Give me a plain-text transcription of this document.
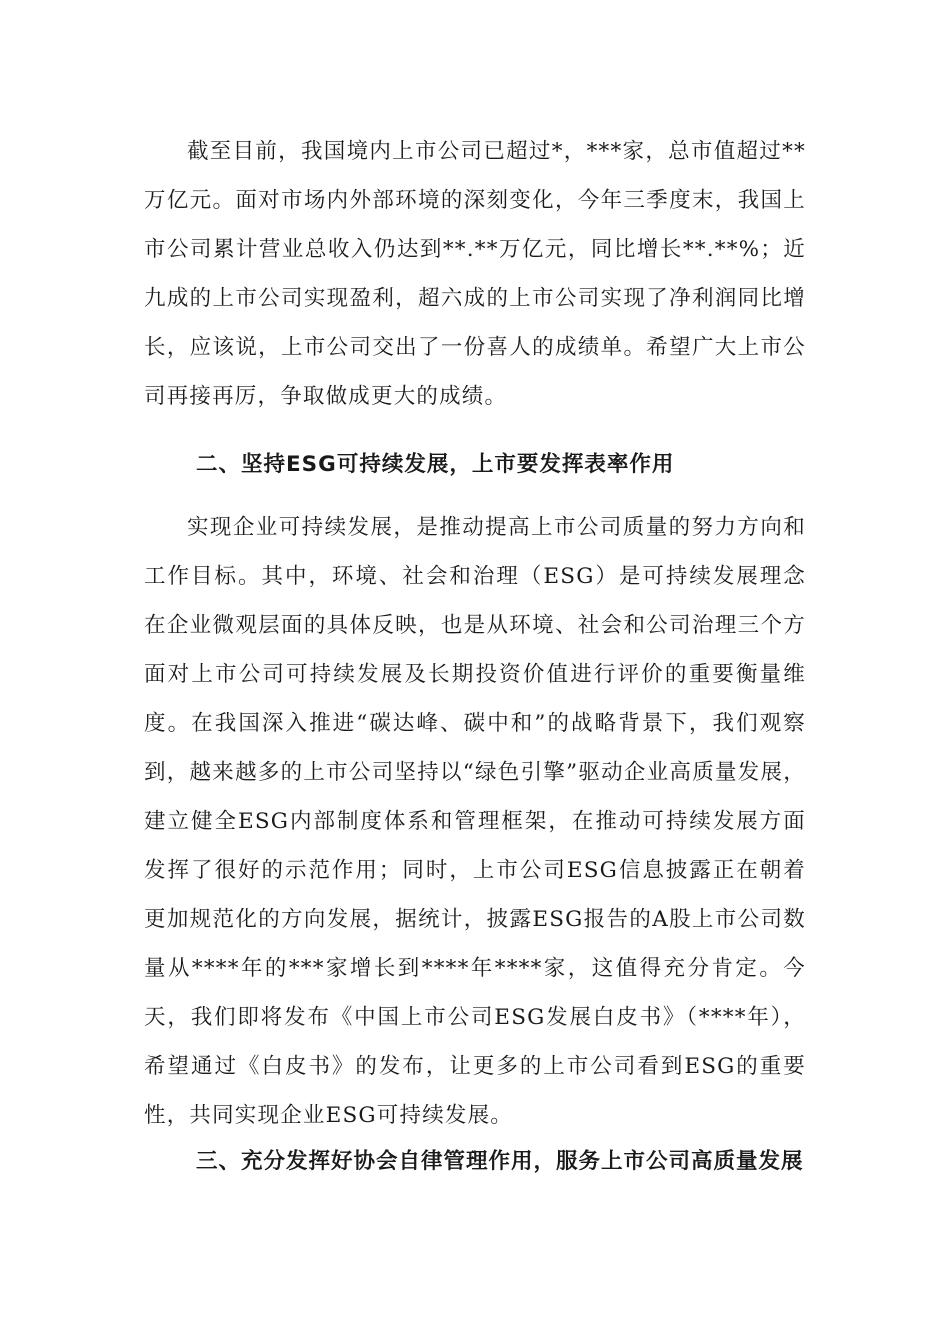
截至目前，我国境内上市公司已超过*，***家，总市值超过**万亿元。面对市场内外部环境的深刻变化，今年三季度末，我国上市公司累计营业总收入仍达到**.**万亿元，同比增长**.**%；近九成的上市公司实现盈利，超六成的上市公司实现了净利润同比增长，应该说，上市公司交出了一份喜人的成绩单。希望广大上市公司再接再厉，争取做成更大的成绩。

二、坚持ESG可持续发展，上市要发挥表率作用

实现企业可持续发展，是推动提高上市公司质量的努力方向和工作目标。其中，环境、社会和治理（ESG）是可持续发展理念在企业微观层面的具体反映，也是从环境、社会和公司治理三个方面对上市公司可持续发展及长期投资价值进行评价的重要衡量维度。在我国深入推进“碳达峰、碳中和”的战略背景下，我们观察到，越来越多的上市公司坚持以“绿色引擎”驱动企业高质量发展，建立健全ESG内部制度体系和管理框架，在推动可持续发展方面发挥了很好的示范作用；同时，上市公司ESG信息披露正在朝着更加规范化的方向发展，据统计，披露ESG报告的A股上市公司数量从****年的***家增长到****年****家，这值得充分肯定。今天，我们即将发布《中国上市公司ESG发展白皮书》（****年），希望通过《白皮书》的发布，让更多的上市公司看到ESG的重要性，共同实现企业ESG可持续发展。

三、充分发挥好协会自律管理作用，服务上市公司高质量发展
